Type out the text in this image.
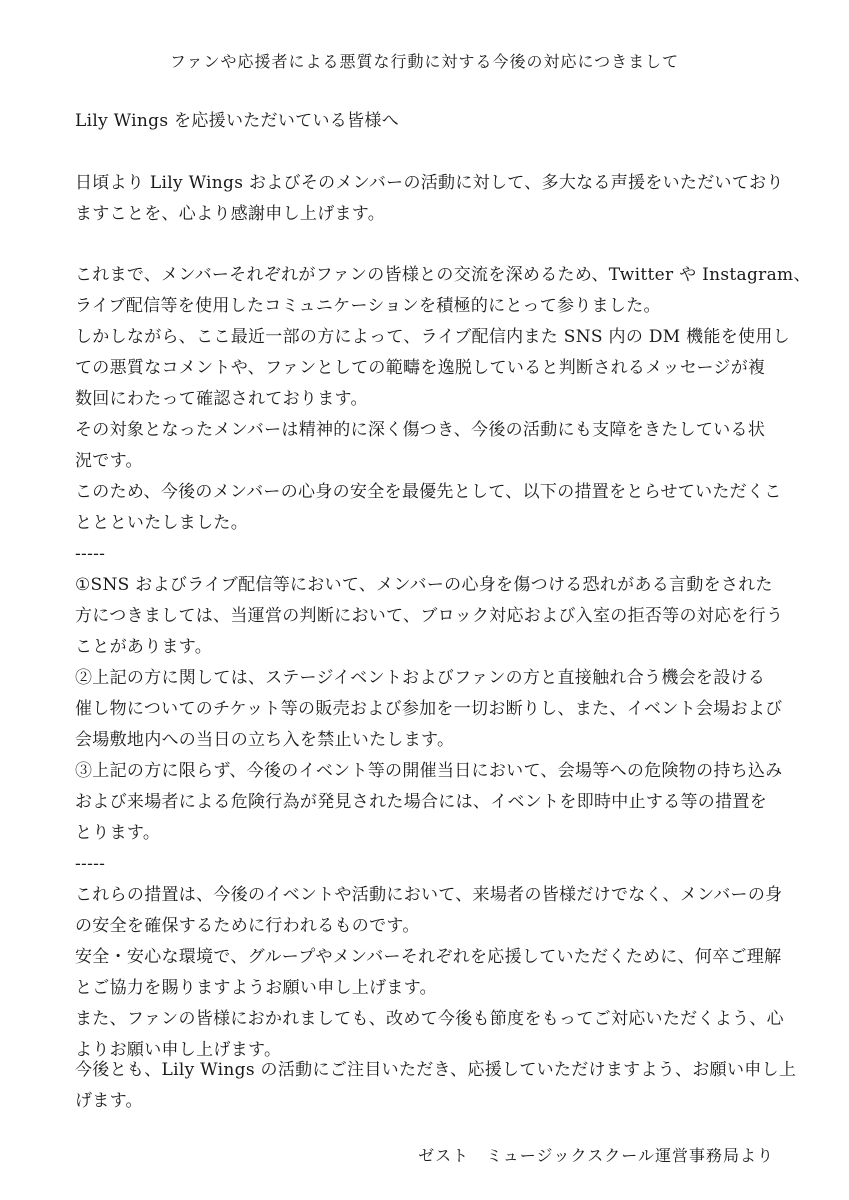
ファンや応援者による悪質な行動に対する今後の対応につきまして
Lily Wings を応援いただいている皆様へ
日頃より Lily Wings およびそのメンバーの活動に対して、多大なる声援をいただいており
ますことを、心より感謝申し上げます。
これまで、メンバーそれぞれがファンの皆様との交流を深めるため、Twitter や Instagram、
ライブ配信等を使用したコミュニケーションを積極的にとって参りました。
しかしながら、ここ最近一部の方によって、ライブ配信内また SNS 内の DM 機能を使用し
ての悪質なコメントや、ファンとしての範疇を逸脱していると判断されるメッセージが複
数回にわたって確認されております。
その対象となったメンバーは精神的に深く傷つき、今後の活動にも支障をきたしている状
況です。
このため、今後のメンバーの心身の安全を最優先として、以下の措置をとらせていただくこ
ととといたしました。
-----
①SNS およびライブ配信等において、メンバーの心身を傷つける恐れがある言動をされた
方につきましては、当運営の判断において、ブロック対応および入室の拒否等の対応を行う
ことがあります。
②上記の方に関しては、ステージイベントおよびファンの方と直接触れ合う機会を設ける
催し物についてのチケット等の販売および参加を一切お断りし、また、イベント会場および
会場敷地内への当日の立ち入を禁止いたします。
③上記の方に限らず、今後のイベント等の開催当日において、会場等への危険物の持ち込み
および来場者による危険行為が発見された場合には、イベントを即時中止する等の措置を
とります。
-----
これらの措置は、今後のイベントや活動において、来場者の皆様だけでなく、メンバーの身
の安全を確保するために行われるものです。
安全・安心な環境で、グループやメンバーそれぞれを応援していただくために、何卒ご理解
とご協力を賜りますようお願い申し上げます。
また、ファンの皆様におかれましても、改めて今後も節度をもってご対応いただくよう、心
よりお願い申し上げます。
今後とも、Lily Wings の活動にご注目いただき、応援していただけますよう、お願い申し上
げます。
ゼスト　ミュージックスクール運営事務局より
